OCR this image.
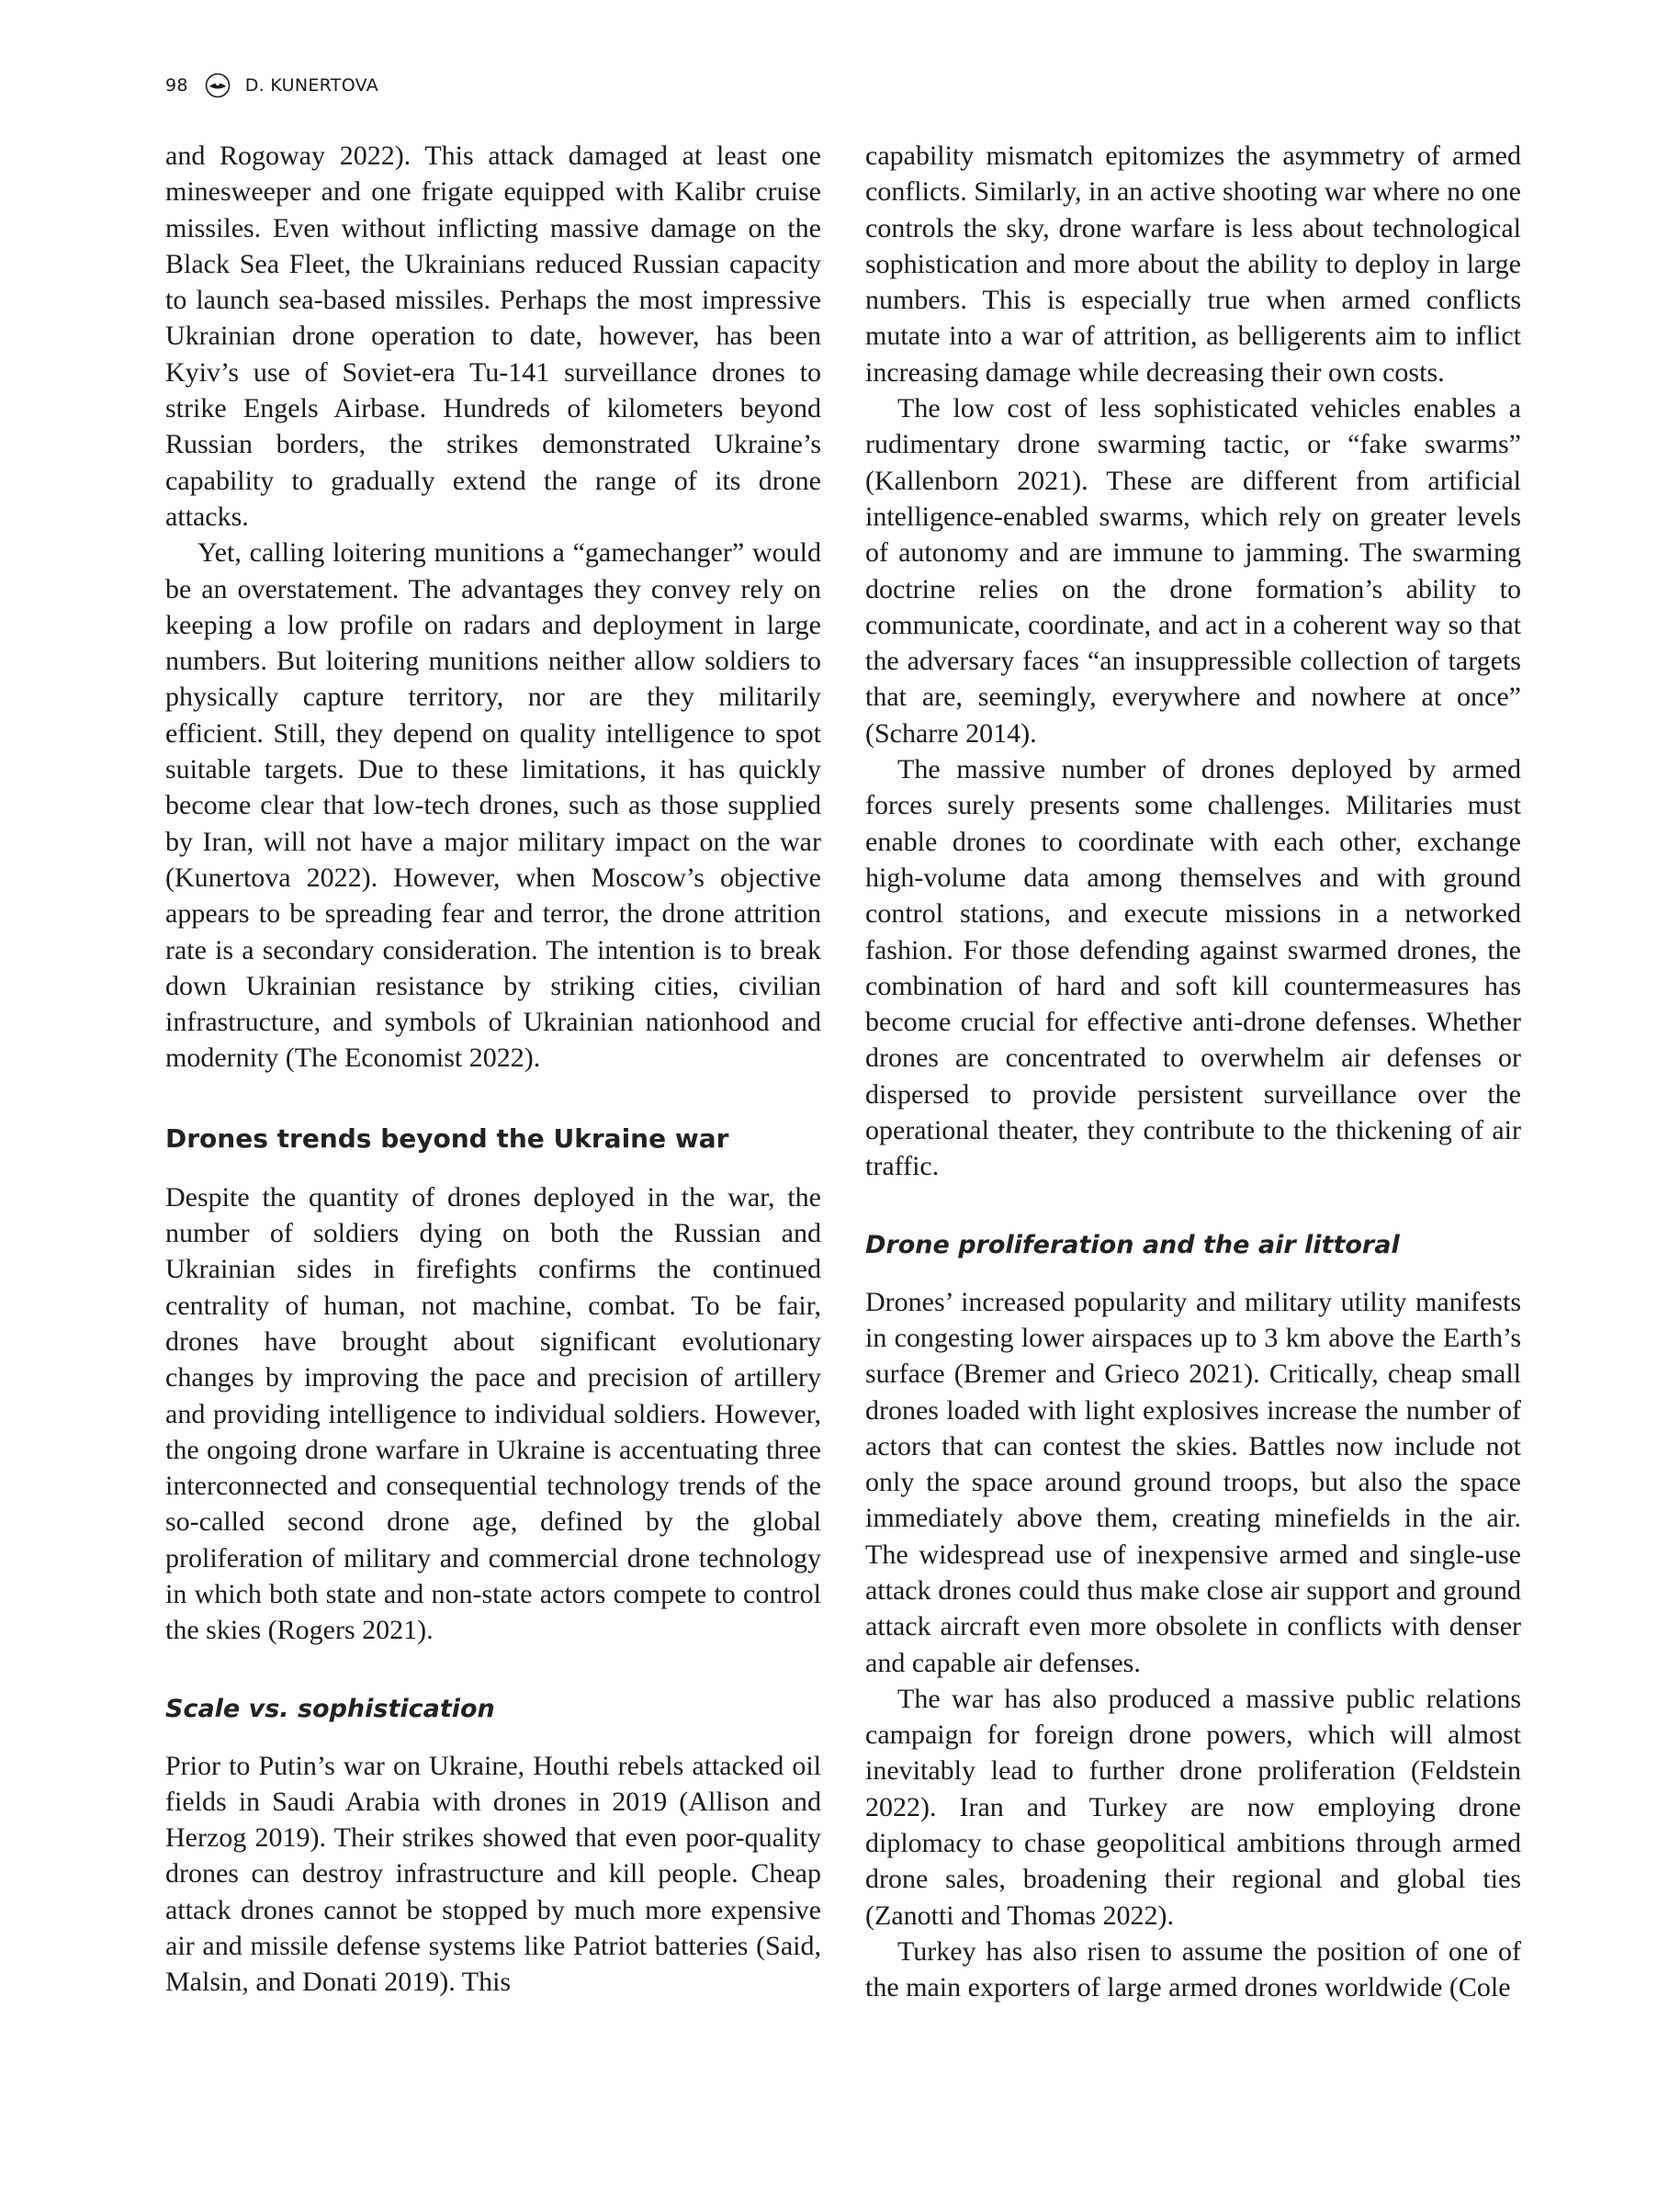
98	D. KUNERTOVA

and Rogoway 2022). This attack damaged at least one minesweeper and one frigate equipped with Kalibr cruise missiles. Even without inflicting massive damage on the Black Sea Fleet, the Ukrainians reduced Russian capacity to launch sea-based missiles. Perhaps the most impressive Ukrainian drone operation to date, however, has been Kyiv’s use of Soviet-era Tu-141 surveillance drones to strike Engels Airbase. Hundreds of kilometers beyond Russian borders, the strikes demonstrated Ukraine’s capability to gradually extend the range of its drone attacks.

Yet, calling loitering munitions a “gamechanger” would be an overstatement. The advantages they convey rely on keeping a low profile on radars and deployment in large numbers. But loitering munitions neither allow soldiers to physically capture territory, nor are they militarily efficient. Still, they depend on quality intelligence to spot suitable targets. Due to these limitations, it has quickly become clear that low-tech drones, such as those supplied by Iran, will not have a major military impact on the war (Kunertova 2022). However, when Moscow’s objective appears to be spreading fear and terror, the drone attrition rate is a secondary consideration. The intention is to break down Ukrainian resistance by striking cities, civilian infrastructure, and symbols of Ukrainian nationhood and modernity (The Economist 2022).

Drones trends beyond the Ukraine war

Despite the quantity of drones deployed in the war, the number of soldiers dying on both the Russian and Ukrainian sides in firefights confirms the continued centrality of human, not machine, combat. To be fair, drones have brought about significant evolutionary changes by improving the pace and precision of artillery and providing intelligence to individual soldiers. However, the ongoing drone warfare in Ukraine is accentuating three interconnected and consequential technology trends of the so-called second drone age, defined by the global proliferation of military and commercial drone technology in which both state and non-state actors compete to control the skies (Rogers 2021).

Scale vs. sophistication

Prior to Putin’s war on Ukraine, Houthi rebels attacked oil fields in Saudi Arabia with drones in 2019 (Allison and Herzog 2019). Their strikes showed that even poor-quality drones can destroy infrastructure and kill people. Cheap attack drones cannot be stopped by much more expensive air and missile defense systems like Patriot batteries (Said, Malsin, and Donati 2019). This

capability mismatch epitomizes the asymmetry of armed conflicts. Similarly, in an active shooting war where no one controls the sky, drone warfare is less about technological sophistication and more about the ability to deploy in large numbers. This is especially true when armed conflicts mutate into a war of attrition, as belligerents aim to inflict increasing damage while decreasing their own costs.

The low cost of less sophisticated vehicles enables a rudimentary drone swarming tactic, or “fake swarms” (Kallenborn 2021). These are different from artificial intelligence-enabled swarms, which rely on greater levels of autonomy and are immune to jamming. The swarming doctrine relies on the drone formation’s ability to communicate, coordinate, and act in a coherent way so that the adversary faces “an insuppressible collection of targets that are, seemingly, everywhere and nowhere at once” (Scharre 2014).

The massive number of drones deployed by armed forces surely presents some challenges. Militaries must enable drones to coordinate with each other, exchange high-volume data among themselves and with ground control stations, and execute missions in a networked fashion. For those defending against swarmed drones, the combination of hard and soft kill countermeasures has become crucial for effective anti-drone defenses. Whether drones are concentrated to overwhelm air defenses or dispersed to provide persistent surveillance over the operational theater, they contribute to the thickening of air traffic.

Drone proliferation and the air littoral

Drones’ increased popularity and military utility manifests in congesting lower airspaces up to 3 km above the Earth’s surface (Bremer and Grieco 2021). Critically, cheap small drones loaded with light explosives increase the number of actors that can contest the skies. Battles now include not only the space around ground troops, but also the space immediately above them, creating minefields in the air. The widespread use of inexpensive armed and single-use attack drones could thus make close air support and ground attack aircraft even more obsolete in conflicts with denser and capable air defenses.

The war has also produced a massive public relations campaign for foreign drone powers, which will almost inevitably lead to further drone proliferation (Feldstein 2022). Iran and Turkey are now employing drone diplomacy to chase geopolitical ambitions through armed drone sales, broadening their regional and global ties (Zanotti and Thomas 2022).

Turkey has also risen to assume the position of one of the main exporters of large armed drones worldwide (Cole
